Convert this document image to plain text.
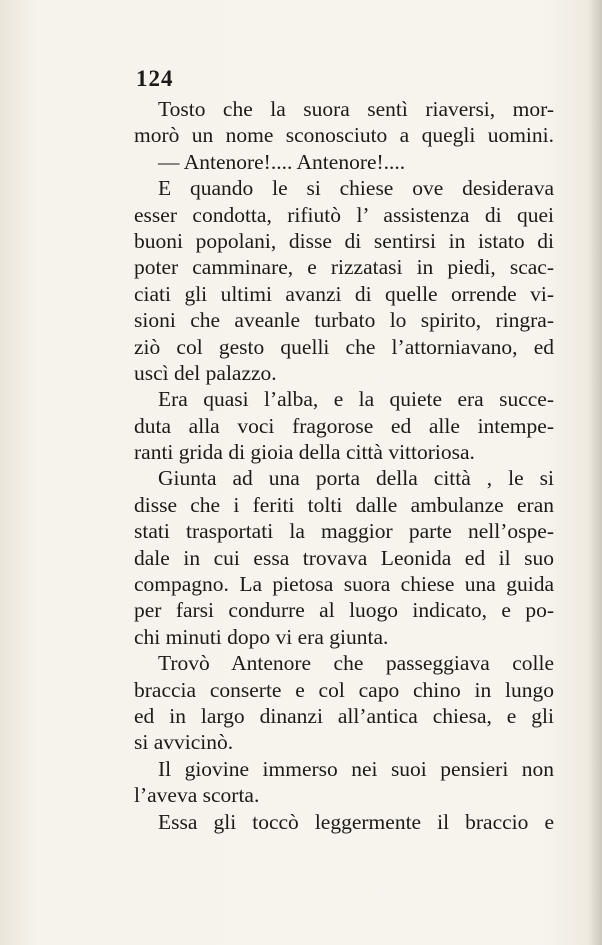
124
Tosto che la suora sentì riaversi, mor-
morò un nome sconosciuto a quegli uomini.
— Antenore!.... Antenore!....
E quando le si chiese ove desiderava
esser condotta, rifiutò l’ assistenza di quei
buoni popolani, disse di sentirsi in istato di
poter camminare, e rizzatasi in piedi, scac-
ciati gli ultimi avanzi di quelle orrende vi-
sioni che aveanle turbato lo spirito, ringra-
ziò col gesto quelli che l’attorniavano, ed
uscì del palazzo.
Era quasi l’alba, e la quiete era succe-
duta alla voci fragorose ed alle intempe-
ranti grida di gioia della città vittoriosa.
Giunta ad una porta della città , le si
disse che i feriti tolti dalle ambulanze eran
stati trasportati la maggior parte nell’ospe-
dale in cui essa trovava Leonida ed il suo
compagno. La pietosa suora chiese una guida
per farsi condurre al luogo indicato, e po-
chi minuti dopo vi era giunta.
Trovò Antenore che passeggiava colle
braccia conserte e col capo chino in lungo
ed in largo dinanzi all’antica chiesa, e gli
si avvicinò.
Il giovine immerso nei suoi pensieri non
l’aveva scorta.
Essa gli toccò leggermente il braccio e
